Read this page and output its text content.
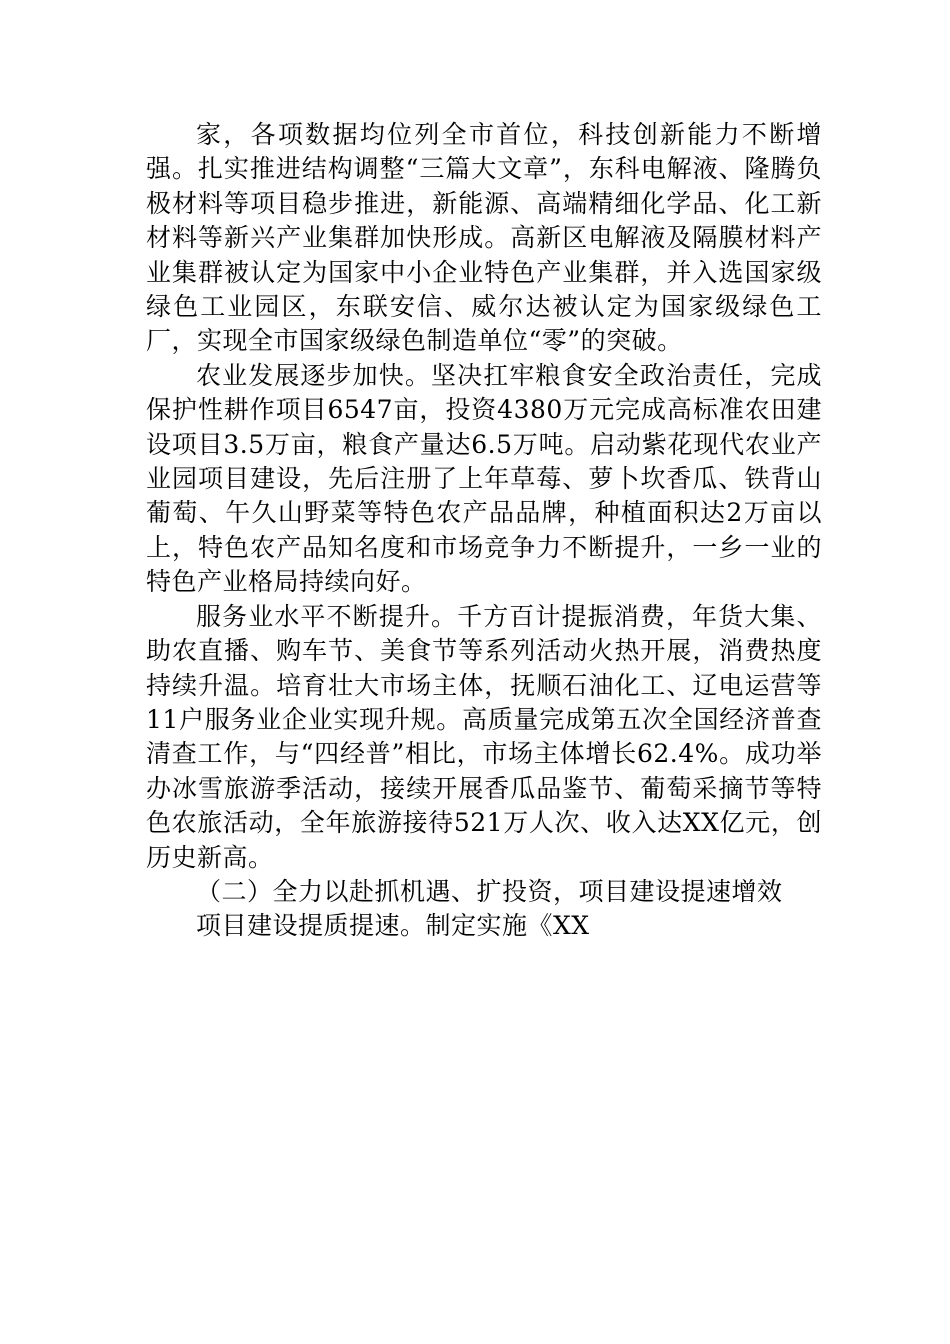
家，各项数据均位列全市首位，科技创新能力不断增强。扎实推进结构调整“三篇大文章”，东科电解液、隆腾负极材料等项目稳步推进，新能源、高端精细化学品、化工新材料等新兴产业集群加快形成。高新区电解液及隔膜材料产业集群被认定为国家中小企业特色产业集群，并入选国家级绿色工业园区，东联安信、威尔达被认定为国家级绿色工厂，实现全市国家级绿色制造单位“零”的突破。

农业发展逐步加快。坚决扛牢粮食安全政治责任，完成保护性耕作项目6547亩，投资4380万元完成高标准农田建设项目3.5万亩，粮食产量达6.5万吨。启动紫花现代农业产业园项目建设，先后注册了上年草莓、萝卜坎香瓜、铁背山葡萄、午久山野菜等特色农产品品牌，种植面积达2万亩以上，特色农产品知名度和市场竞争力不断提升，一乡一业的特色产业格局持续向好。

服务业水平不断提升。千方百计提振消费，年货大集、助农直播、购车节、美食节等系列活动火热开展，消费热度持续升温。培育壮大市场主体，抚顺石油化工、辽电运营等11户服务业企业实现升规。高质量完成第五次全国经济普查清查工作，与“四经普”相比，市场主体增长62.4%。成功举办冰雪旅游季活动，接续开展香瓜品鉴节、葡萄采摘节等特色农旅活动，全年旅游接待521万人次、收入达XX亿元，创历史新高。

（二）全力以赴抓机遇、扩投资，项目建设提速增效

项目建设提质提速。制定实施《XX
